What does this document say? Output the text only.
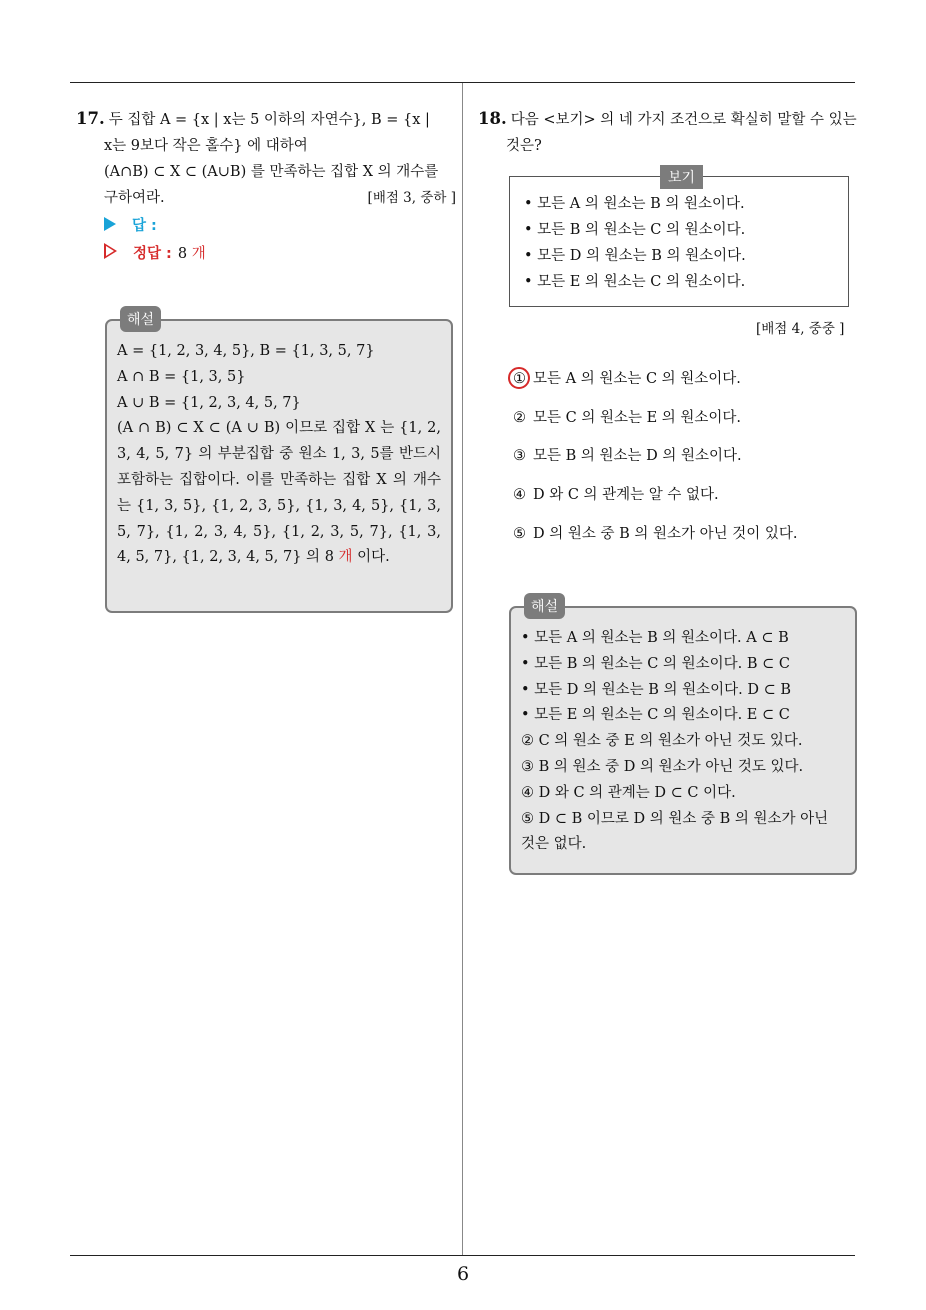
6
17. 두 집합 A = {x | x는 5 이하의 자연수}, B = {x |
x는 9보다 작은 홀수} 에 대하여
(A∩B) ⊂ X ⊂ (A∪B) 를 만족하는 집합 X 의 개수를
구하여라.	[배점 3, 중하 ]
답 :
정답 : 8 개
해설
A = {1, 2, 3, 4, 5}, B = {1, 3, 5, 7}
A ∩ B = {1, 3, 5}
A ∪ B = {1, 2, 3, 4, 5, 7}
(A ∩ B) ⊂ X ⊂ (A ∪ B) 이므로 집합 X 는 {1, 2, 3, 4, 5, 7} 의 부분집합 중 원소 1, 3, 5를 반드시 포함하는 집합이다. 이를 만족하는 집합 X 의 개수는 {1, 3, 5}, {1, 2, 3, 5}, {1, 3, 4, 5}, {1, 3, 5, 7}, {1, 2, 3, 4, 5}, {1, 2, 3, 5, 7}, {1, 3, 4, 5, 7}, {1, 2, 3, 4, 5, 7} 의 8 개 이다.
18. 다음 <보기> 의 네 가지 조건으로 확실히 말할 수 있는
것은?
보기
• 모든 A 의 원소는 B 의 원소이다.
• 모든 B 의 원소는 C 의 원소이다.
• 모든 D 의 원소는 B 의 원소이다.
• 모든 E 의 원소는 C 의 원소이다.
[배점 4, 중중 ]
① 모든 A 의 원소는 C 의 원소이다.
② 모든 C 의 원소는 E 의 원소이다.
③ 모든 B 의 원소는 D 의 원소이다.
④ D 와 C 의 관계는 알 수 없다.
⑤ D 의 원소 중 B 의 원소가 아닌 것이 있다.
해설
• 모든 A 의 원소는 B 의 원소이다. A ⊂ B
• 모든 B 의 원소는 C 의 원소이다. B ⊂ C
• 모든 D 의 원소는 B 의 원소이다. D ⊂ B
• 모든 E 의 원소는 C 의 원소이다. E ⊂ C
② C 의 원소 중 E 의 원소가 아닌 것도 있다.
③ B 의 원소 중 D 의 원소가 아닌 것도 있다.
④ D 와 C 의 관계는 D ⊂ C 이다.
⑤ D ⊂ B 이므로 D 의 원소 중 B 의 원소가 아닌
것은 없다.
